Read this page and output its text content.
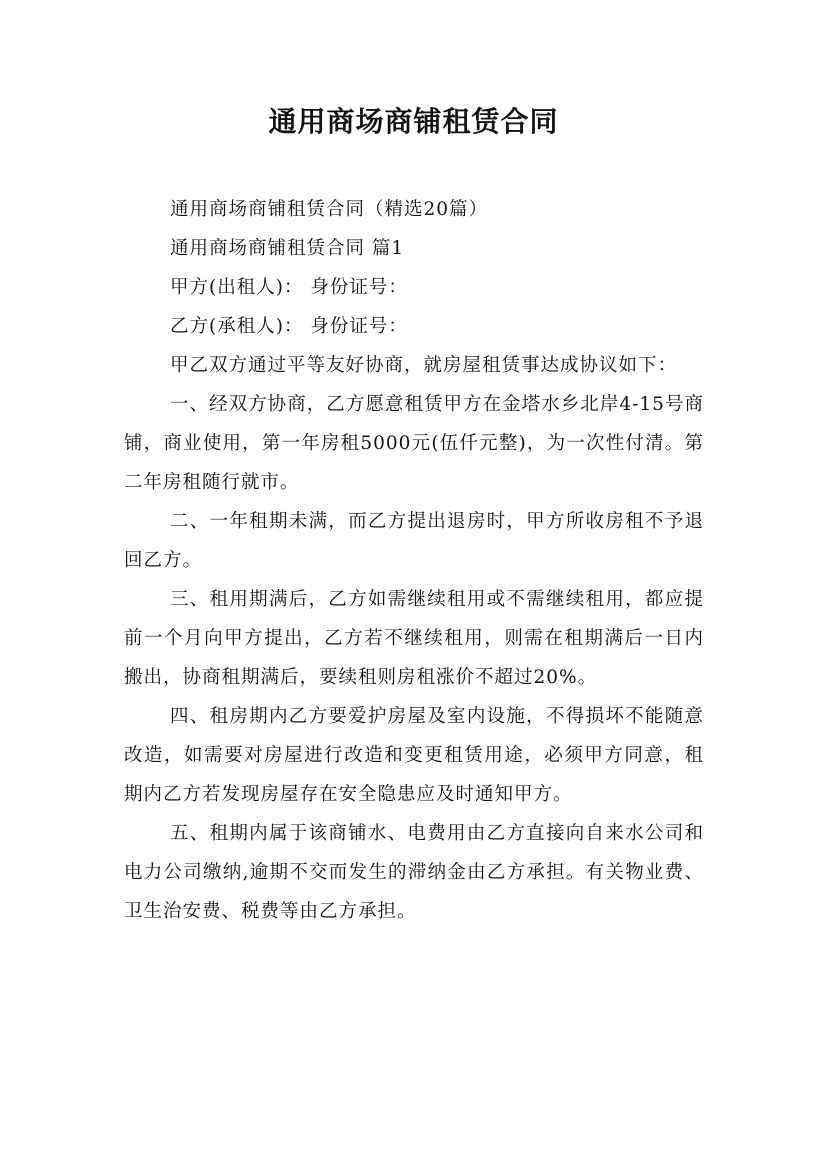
通用商场商铺租赁合同

通用商场商铺租赁合同（精选20篇）

通用商场商铺租赁合同 篇1

甲方(出租人)： 身份证号：

乙方(承租人)： 身份证号：

甲乙双方通过平等友好协商，就房屋租赁事达成协议如下：

一、经双方协商，乙方愿意租赁甲方在金塔水乡北岸4-15号商铺，商业使用，第一年房租5000元(伍仟元整)，为一次性付清。第二年房租随行就市。

二、一年租期未满，而乙方提出退房时，甲方所收房租不予退回乙方。

三、租用期满后，乙方如需继续租用或不需继续租用，都应提前一个月向甲方提出，乙方若不继续租用，则需在租期满后一日内搬出，协商租期满后，要续租则房租涨价不超过20%。

四、租房期内乙方要爱护房屋及室内设施，不得损坏不能随意改造，如需要对房屋进行改造和变更租赁用途，必须甲方同意，租期内乙方若发现房屋存在安全隐患应及时通知甲方。

五、租期内属于该商铺水、电费用由乙方直接向自来水公司和电力公司缴纳,逾期不交而发生的滞纳金由乙方承担。有关物业费、卫生治安费、税费等由乙方承担。
